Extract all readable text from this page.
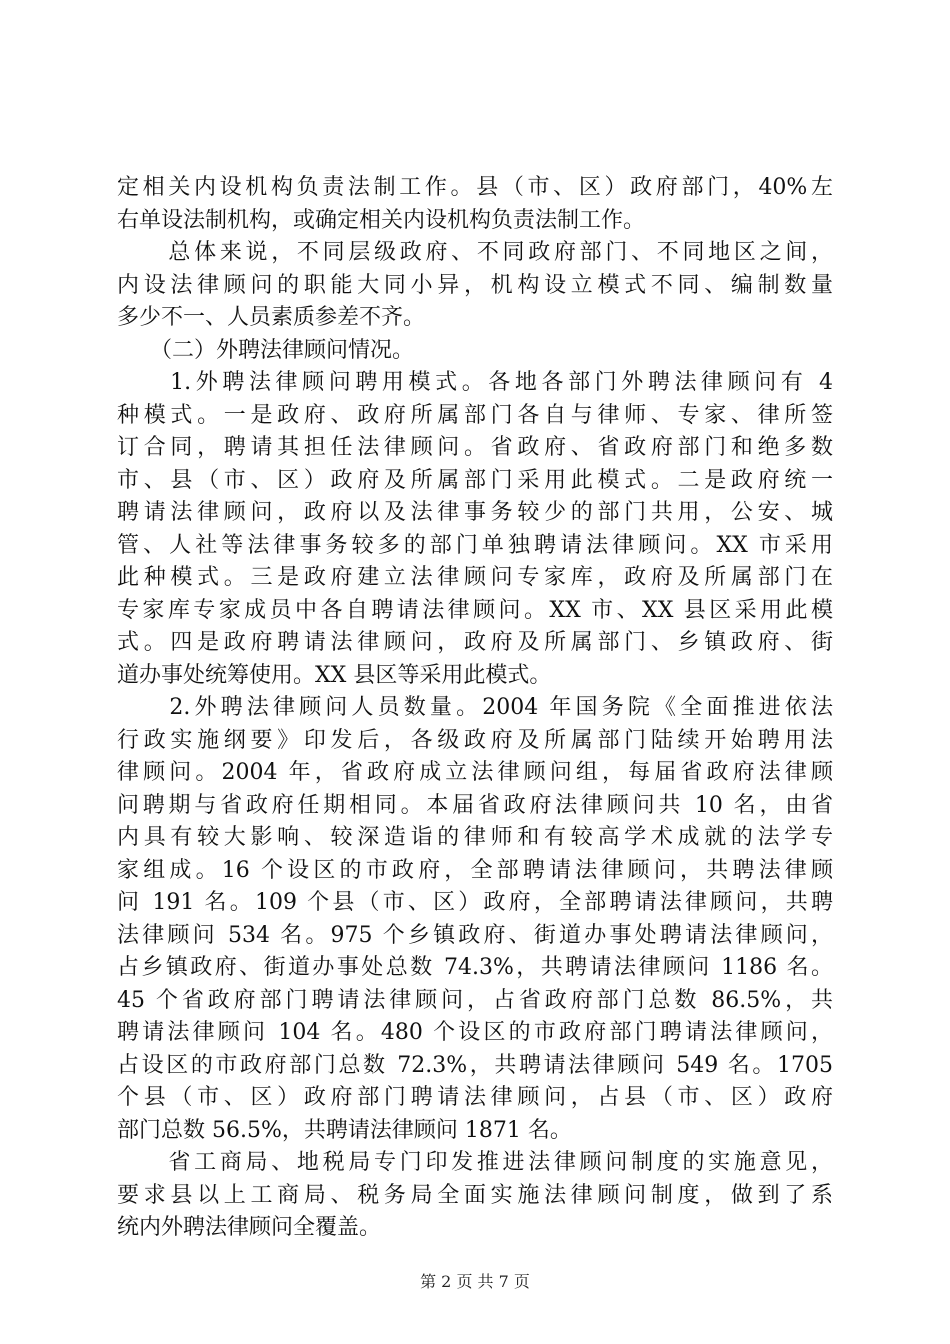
定相关内设机构负责法制工作。县（市、区）政府部门，40%左
右单设法制机构，或确定相关内设机构负责法制工作。
　　总体来说，不同层级政府、不同政府部门、不同地区之间，
内设法律顾问的职能大同小异，机构设立模式不同、编制数量
多少不一、人员素质参差不齐。
　　（二）外聘法律顾问情况。
　　1.外聘法律顾问聘用模式。各地各部门外聘法律顾问有 4
种模式。一是政府、政府所属部门各自与律师、专家、律所签
订合同，聘请其担任法律顾问。省政府、省政府部门和绝多数
市、县（市、区）政府及所属部门采用此模式。二是政府统一
聘请法律顾问，政府以及法律事务较少的部门共用，公安、城
管、人社等法律事务较多的部门单独聘请法律顾问。XX 市采用
此种模式。三是政府建立法律顾问专家库，政府及所属部门在
专家库专家成员中各自聘请法律顾问。XX 市、XX 县区采用此模
式。四是政府聘请法律顾问，政府及所属部门、乡镇政府、街
道办事处统筹使用。XX 县区等采用此模式。
　　2.外聘法律顾问人员数量。2004 年国务院《全面推进依法
行政实施纲要》印发后，各级政府及所属部门陆续开始聘用法
律顾问。2004 年，省政府成立法律顾问组，每届省政府法律顾
问聘期与省政府任期相同。本届省政府法律顾问共 10 名，由省
内具有较大影响、较深造诣的律师和有较高学术成就的法学专
家组成。16 个设区的市政府，全部聘请法律顾问，共聘法律顾
问 191 名。109 个县（市、区）政府，全部聘请法律顾问，共聘
法律顾问 534 名。975 个乡镇政府、街道办事处聘请法律顾问，
占乡镇政府、街道办事处总数 74.3%，共聘请法律顾问 1186 名。
45 个省政府部门聘请法律顾问，占省政府部门总数 86.5%，共
聘请法律顾问 104 名。480 个设区的市政府部门聘请法律顾问，
占设区的市政府部门总数 72.3%，共聘请法律顾问 549 名。1705
个县（市、区）政府部门聘请法律顾问，占县（市、区）政府
部门总数 56.5%，共聘请法律顾问 1871 名。
　　省工商局、地税局专门印发推进法律顾问制度的实施意见，
要求县以上工商局、税务局全面实施法律顾问制度，做到了系
统内外聘法律顾问全覆盖。
第 2 页 共 7 页
